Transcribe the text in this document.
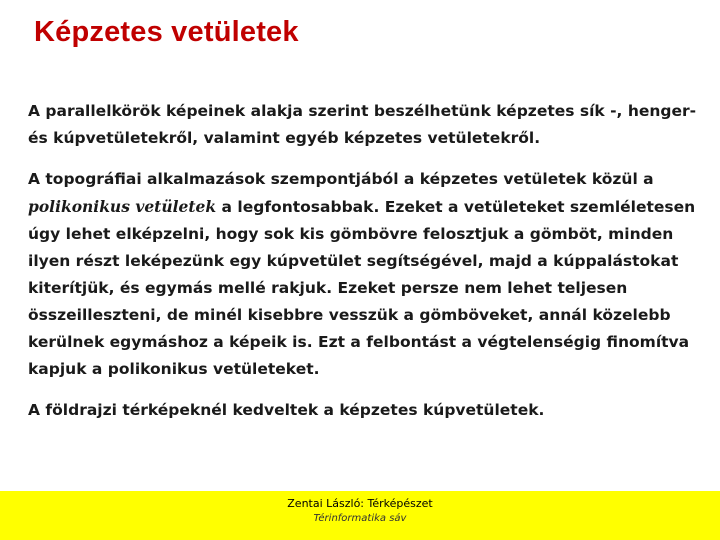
Képzetes vetületek

A parallelkörök képeinek alakja szerint beszélhetünk képzetes sík -, henger- és kúpvetületekről, valamint egyéb képzetes vetületekről.

A topográfiai alkalmazások szempontjából a képzetes vetületek közül a polikonikus vetületek a legfontosabbak. Ezeket a vetületeket szemléletesen úgy lehet elképzelni, hogy sok kis gömbövre felosztjuk a gömböt, minden ilyen részt leképezünk egy kúpvetület segítségével, majd a kúppalástokat kiterítjük, és egymás mellé rakjuk. Ezeket persze nem lehet teljesen összeilleszteni, de minél kisebbre vesszük a gömböveket, annál közelebb kerülnek egymáshoz a képeik is. Ezt a felbontást a végtelenségig finomítva kapjuk a polikonikus vetületeket.

A földrajzi térképeknél kedveltek a képzetes kúpvetületek.

Zentai László: Térképészet
Térinformatika sáv
